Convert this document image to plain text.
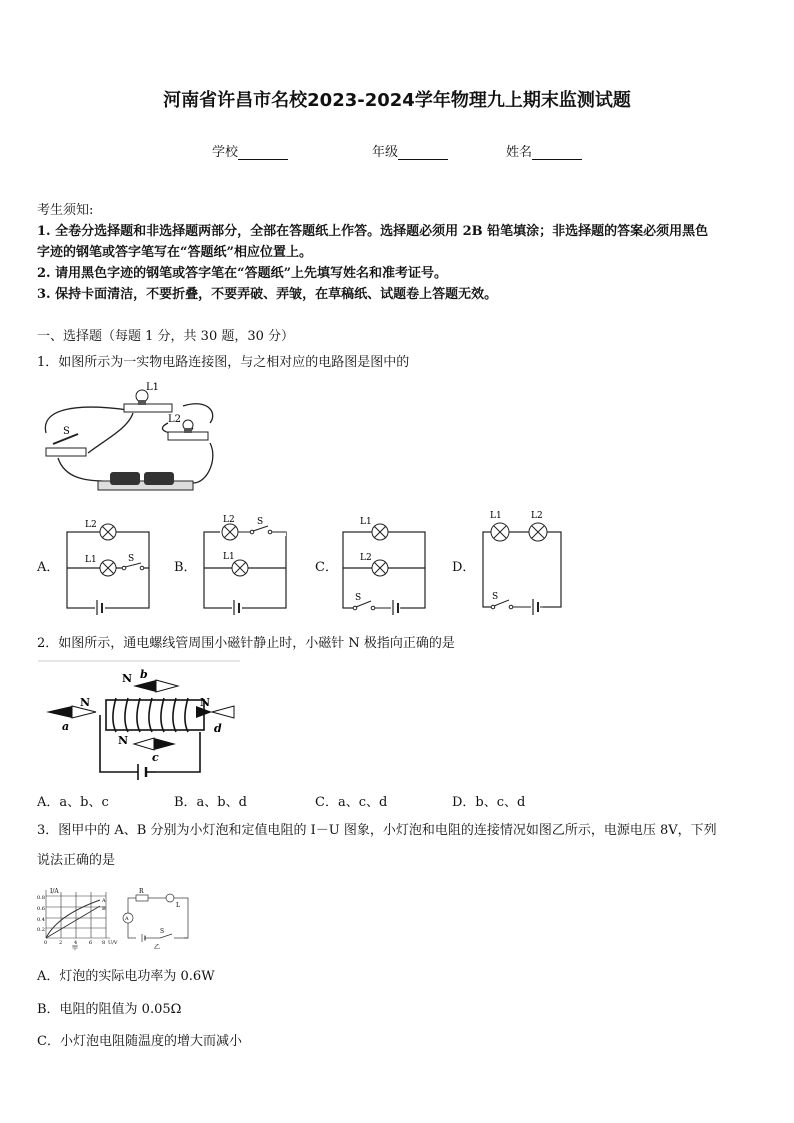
河南省许昌市名校2023-2024学年物理九上期末监测试题
学校	年级	姓名
考生须知:
1. 全卷分选择题和非选择题两部分，全部在答题纸上作答。选择题必须用 2B 铅笔填涂；非选择题的答案必须用黑色
字迹的钢笔或答字笔写在“答题纸”相应位置上。
2. 请用黑色字迹的钢笔或答字笔在“答题纸”上先填写姓名和准考证号。
3. 保持卡面清洁，不要折叠，不要弄破、弄皱，在草稿纸、试题卷上答题无效。
一、选择题（每题 1 分，共 30 题，30 分）
1．如图所示为一实物电路连接图，与之相对应的电路图是图中的
L1
L2
S
A．
L2
L1	S
B．
L2 S
L1
C．
L1
L2
S
D．
L1	L2
S
2．如图所示，通电螺线管周围小磁针静止时，小磁针 N 极指向正确的是
N
a
N b
N
c
N
d
A．a、b、c	B．a、b、d	C．a、c、d	D．b、c、d
3．图甲中的 A、B 分别为小灯泡和定值电阻的 I－U 图象，小灯泡和电阻的连接情况如图乙所示，电源电压 8V，下列
说法正确的是
I/A
0.8
0.6
0.4
0.2
0 2 4 6 8 U/V
A
B
甲
A
R
L
S
乙
A．灯泡的实际电功率为 0.6W
B．电阻的阻值为 0.05Ω
C．小灯泡电阻随温度的增大而减小
